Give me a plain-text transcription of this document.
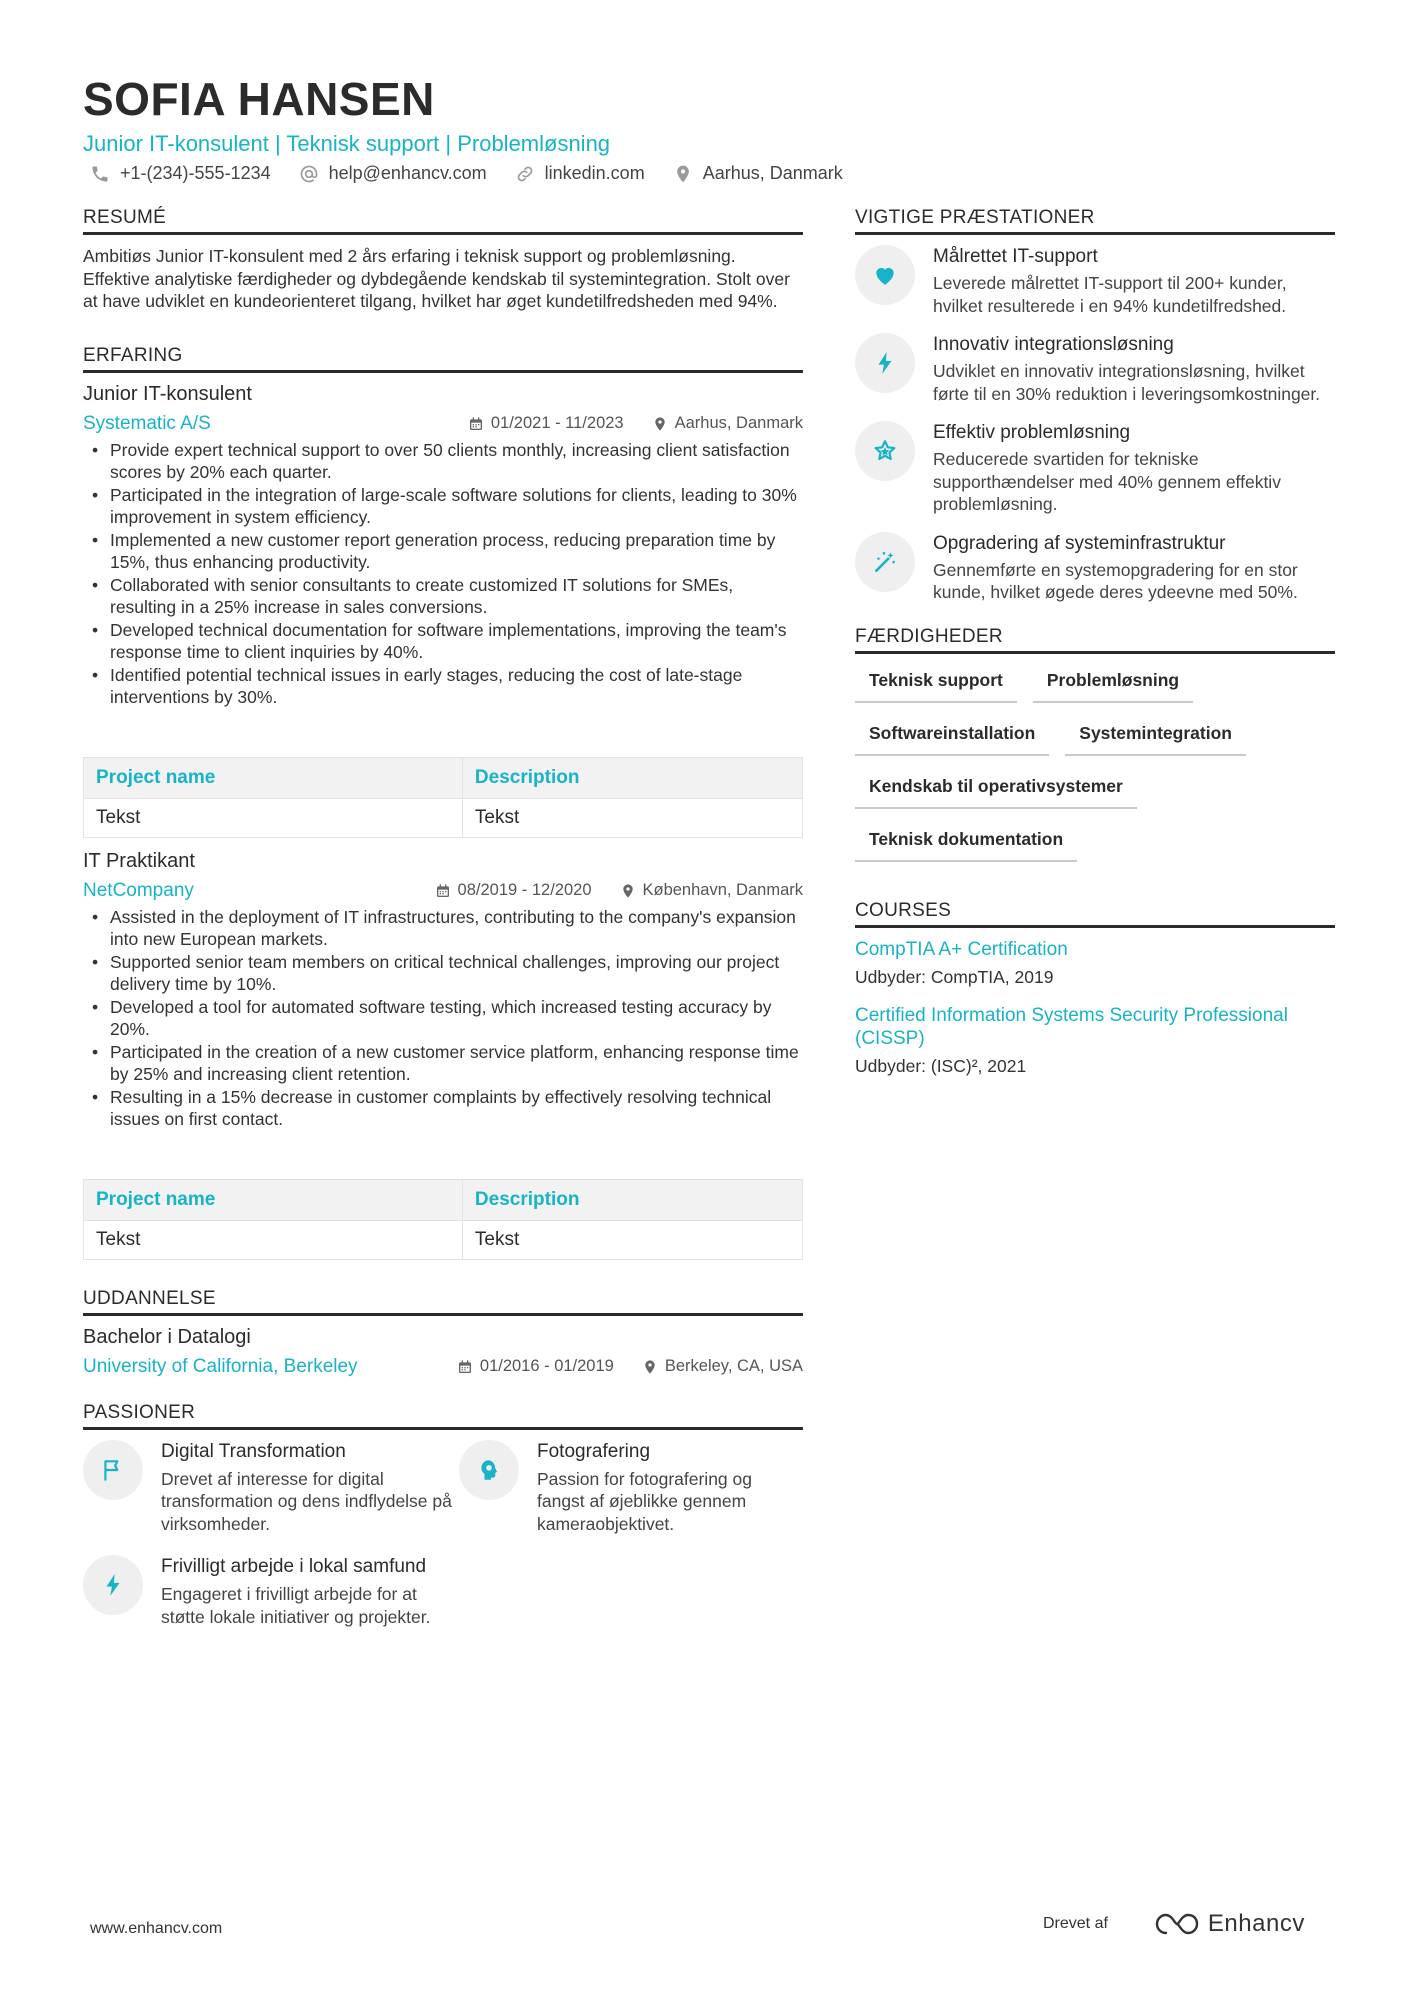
SOFIA HANSEN
Junior IT-konsulent | Teknisk support | Problemløsning
+1-(234)-555-1234	help@enhancv.com	linkedin.com	Aarhus, Danmark
RESUMÉ

Ambitiøs Junior IT-konsulent med 2 års erfaring i teknisk support og problemløsning. Effektive analytiske færdigheder og dybdegående kendskab til systemintegration. Stolt over at have udviklet en kundeorienteret tilgang, hvilket har øget kundetilfredsheden med 94%.

ERFARING
Junior IT-konsulent
Systematic A/S	01/2021 - 11/2023	Aarhus, Danmark
• Provide expert technical support to over 50 clients monthly, increasing client satisfaction scores by 20% each quarter.
• Participated in the integration of large-scale software solutions for clients, leading to 30% improvement in system efficiency.
• Implemented a new customer report generation process, reducing preparation time by 15%, thus enhancing productivity.
• Collaborated with senior consultants to create customized IT solutions for SMEs, resulting in a 25% increase in sales conversions.
• Developed technical documentation for software implementations, improving the team's response time to client inquiries by 40%.
• Identified potential technical issues in early stages, reducing the cost of late-stage interventions by 30%.
Project name	Description
Tekst	Tekst
IT Praktikant
NetCompany	08/2019 - 12/2020	København, Danmark
• Assisted in the deployment of IT infrastructures, contributing to the company's expansion into new European markets.
• Supported senior team members on critical technical challenges, improving our project delivery time by 10%.
• Developed a tool for automated software testing, which increased testing accuracy by 20%.
• Participated in the creation of a new customer service platform, enhancing response time by 25% and increasing client retention.
• Resulting in a 15% decrease in customer complaints by effectively resolving technical issues on first contact.
Project name	Description
Tekst	Tekst
UDDANNELSE
Bachelor i Datalogi
University of California, Berkeley	01/2016 - 01/2019	Berkeley, CA, USA
PASSIONER
Digital Transformation
Drevet af interesse for digital transformation og dens indflydelse på virksomheder.
Fotografering
Passion for fotografering og fangst af øjeblikke gennem kameraobjektivet.
Frivilligt arbejde i lokal samfund
Engageret i frivilligt arbejde for at støtte lokale initiativer og projekter.
VIGTIGE PRÆSTATIONER
Målrettet IT-support
Leverede målrettet IT-support til 200+ kunder, hvilket resulterede i en 94% kundetilfredshed.
Innovativ integrationsløsning
Udviklet en innovativ integrationsløsning, hvilket førte til en 30% reduktion i leveringsomkostninger.
Effektiv problemløsning
Reducerede svartiden for tekniske supporthændelser med 40% gennem effektiv problemløsning.
Opgradering af systeminfrastruktur
Gennemførte en systemopgradering for en stor kunde, hvilket øgede deres ydeevne med 50%.
FÆRDIGHEDER
Teknisk support	Problemløsning
Softwareinstallation	Systemintegration
Kendskab til operativsystemer
Teknisk dokumentation
COURSES
CompTIA A+ Certification
Udbyder: CompTIA, 2019
Certified Information Systems Security Professional (CISSP)
Udbyder: (ISC)², 2021
www.enhancv.com	Drevet af	Enhancv
